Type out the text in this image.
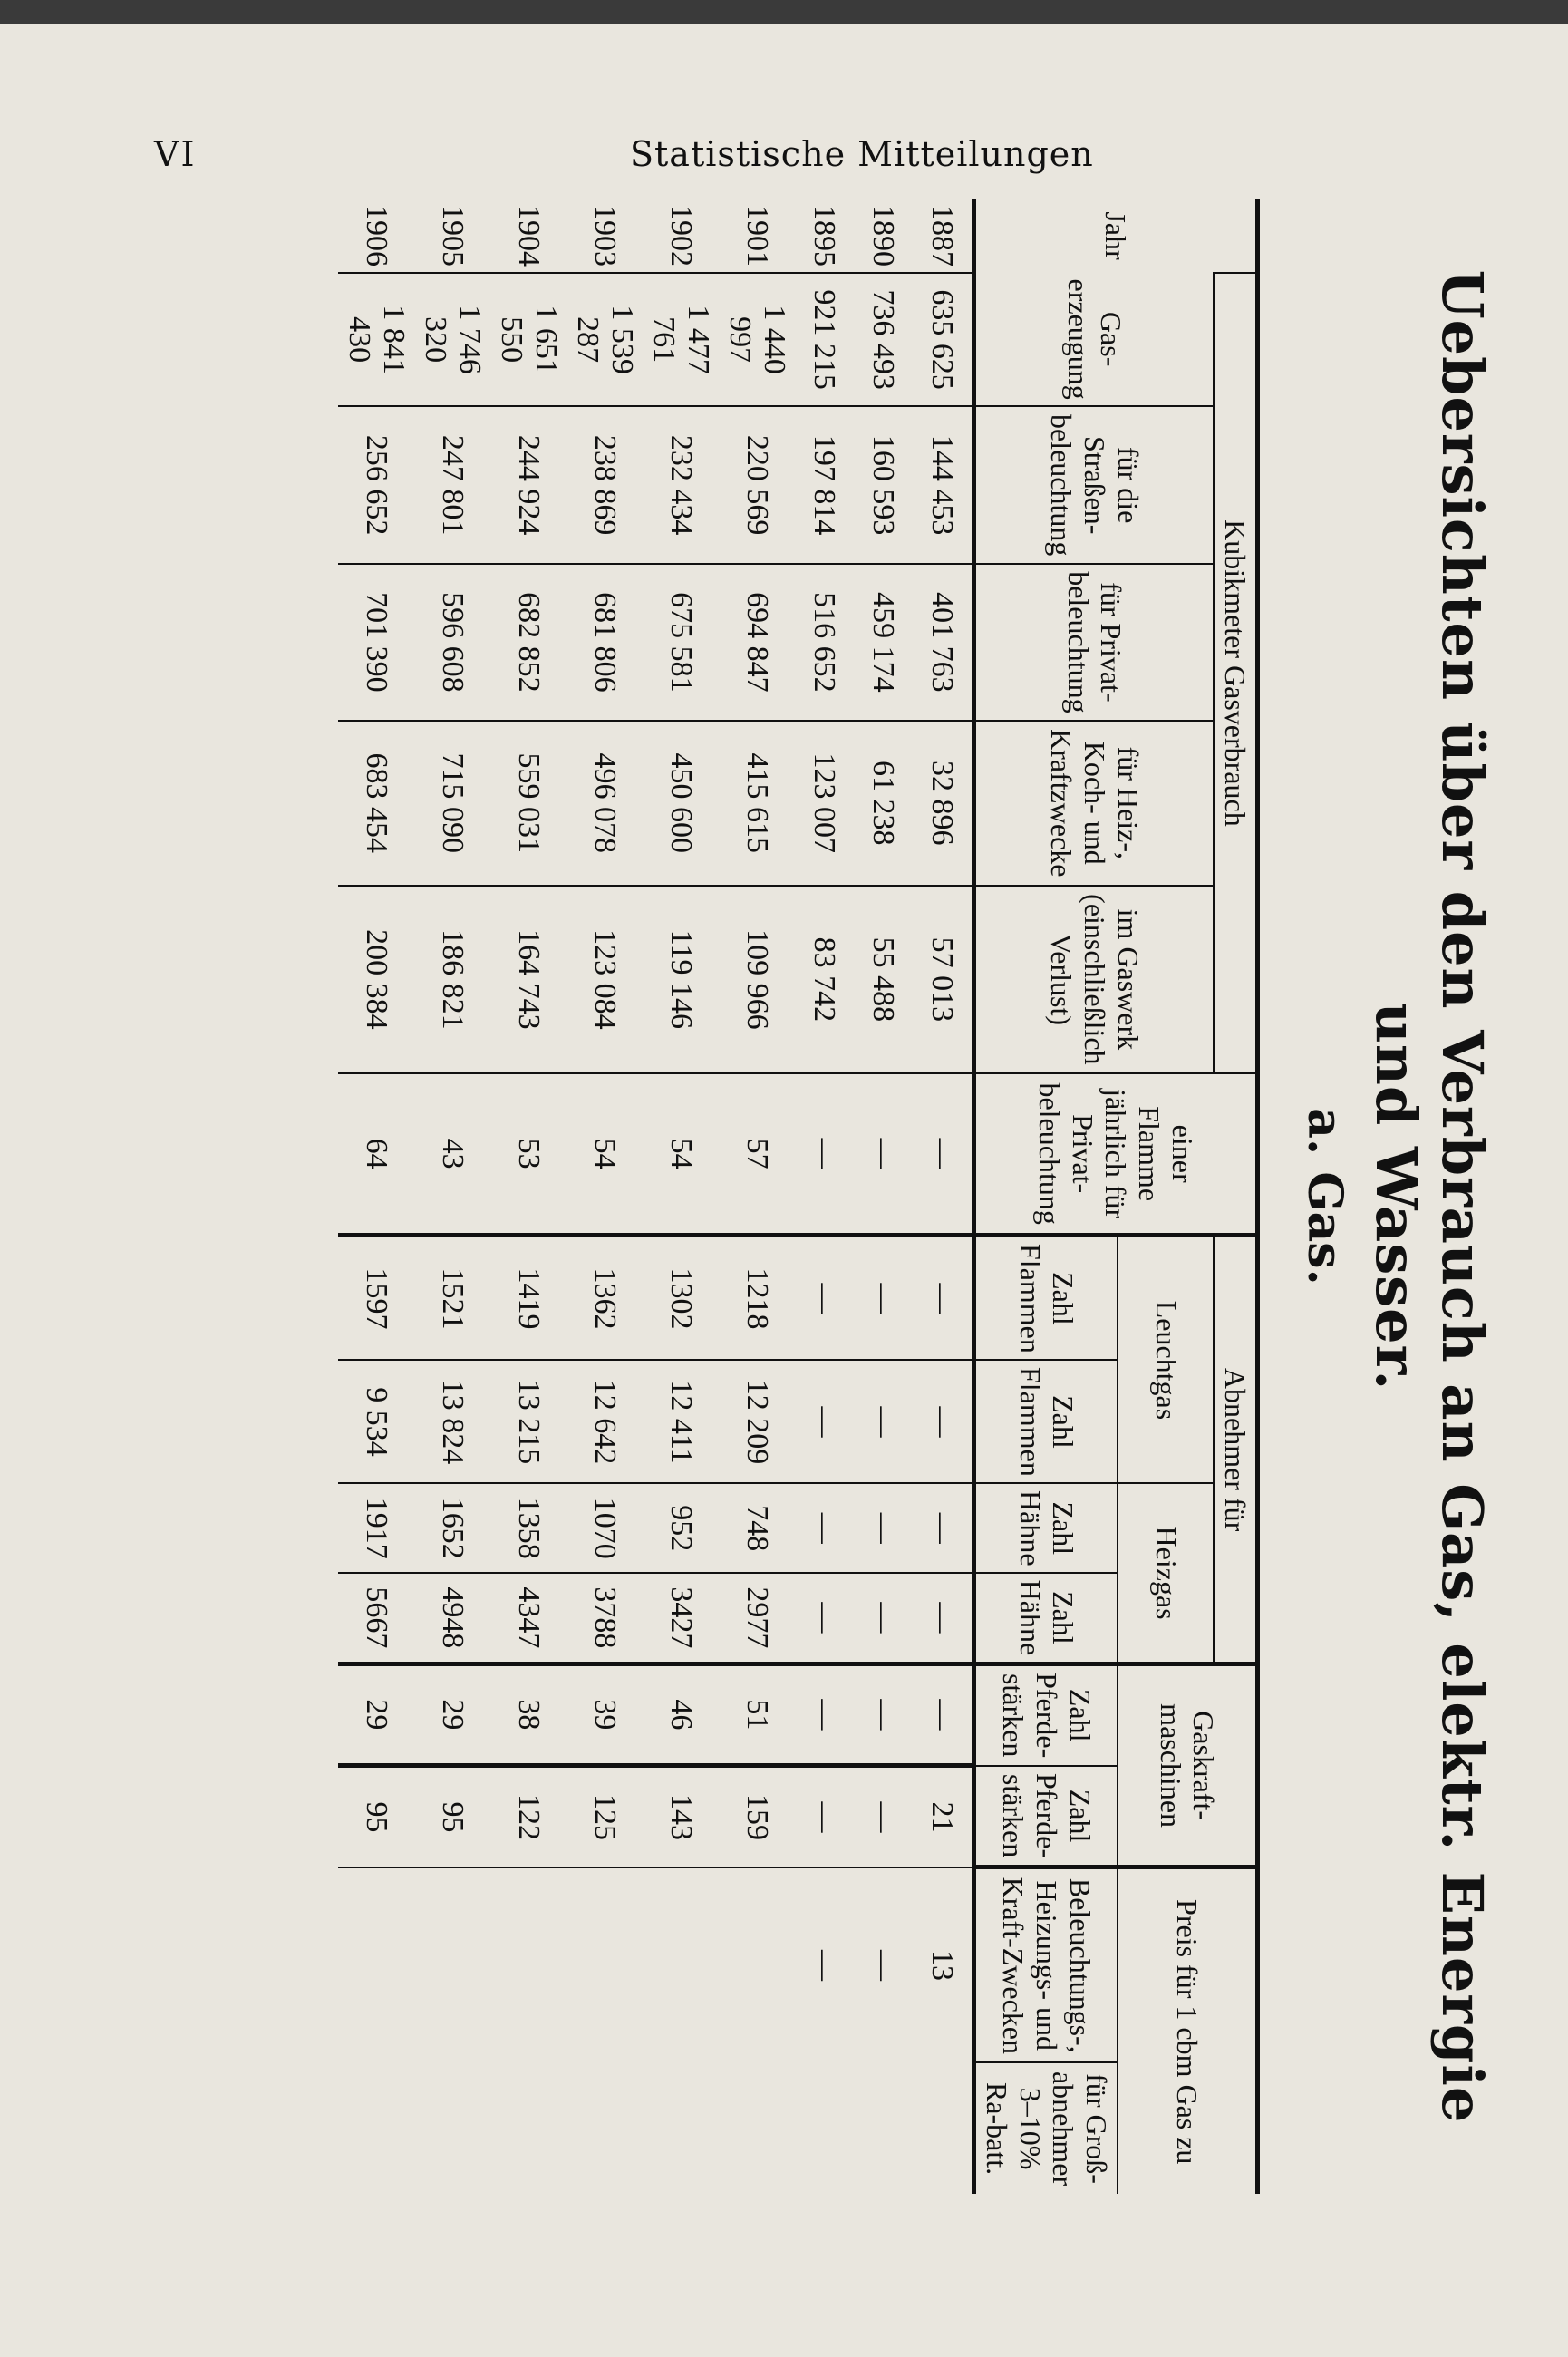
VI	Statistische Mitteilungen
Uebersichten über den Verbrauch an Gas, elektr. Energie und Wasser.
a. Gas.
Jahr	Kubikmeter Gasverbrauch					einer Flamme jährlich für Privat-beleuchtung	Abnehmer für				Gaskraft-maschinen		Preis für 1 cbm Gas zu	
	Gas-erzeugung	für die Straßen-beleuchtung	für Privat-beleuchtung	für Heiz-, Koch- und Kraftzwecke	im Gaswerk (einschließlich Verlust)		Leuchtgas		Heizgas					
							Zahl Flammen	Zahl Flammen	Zahl Hähne	Zahl Hähne	Zahl Pferde-stärken	Zahl Pferde-stärken	Beleuchtungs-, Heizungs- und Kraft-Zwecken	für Groß-abnehmer 3–10% Ra-batt.
1887	635 625	144 453	401 763	32 896	57 013	—	—	—	—	—	—	21	13	
1890	736 493	160 593	459 174	61 238	55 488	—	—	—	—	—	—	—	—	
1895	921 215	197 814	516 652	123 007	83 742	—	—	—	—	—	—	—	—	
1901	1 440 997	220 569	694 847	415 615	109 966	57	1218	12 209	748	2977	51	159		
1902	1 477 761	232 434	675 581	450 600	119 146	54	1302	12 411	952	3427	46	143		
1903	1 539 287	238 869	681 806	496 078	123 084	54	1362	12 642	1070	3788	39	125		
1904	1 651 550	244 924	682 852	559 031	164 743	53	1419	13 215	1358	4347	38	122		
1905	1 746 320	247 801	596 608	715 090	186 821	43	1521	13 824	1652	4948	29	95		
1906	1 841 430	256 652	701 390	683 454	200 384	64	1597	9 534	1917	5667	29	95		
